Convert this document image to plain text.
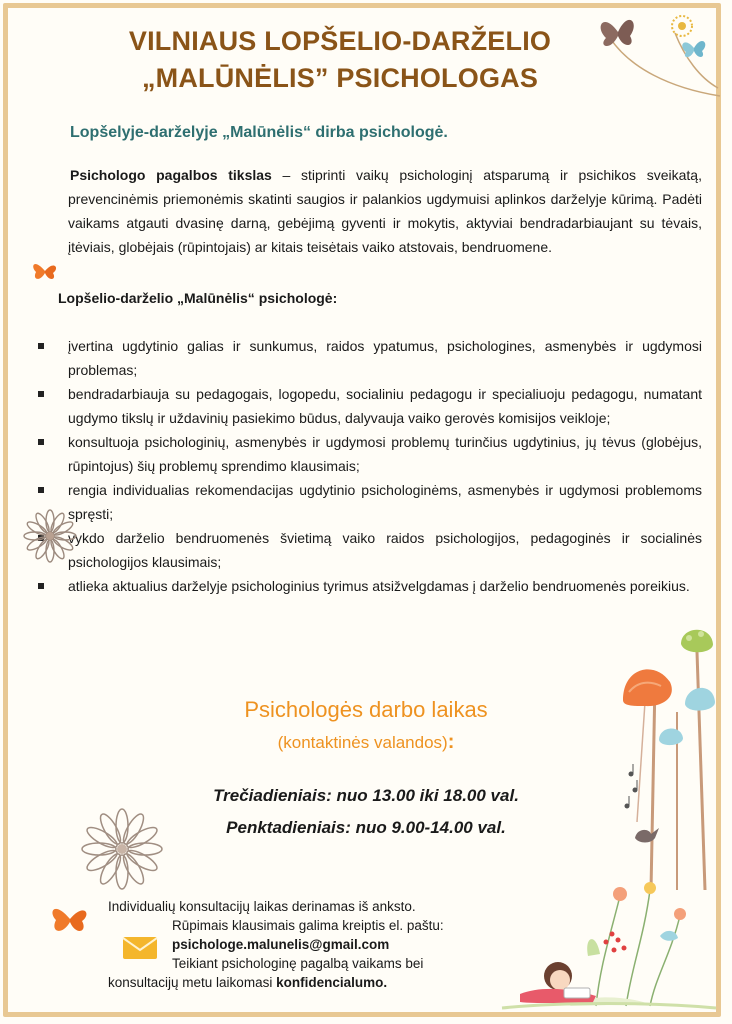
VILNIAUS LOPŠELIO-DARŽELIO
„MALŪNĖLIS” PSICHOLOGAS
Lopšelyje-darželyje „Malūnėlis“ dirba psichologė.
Psichologo pagalbos tikslas – stiprinti vaikų psichologinį atsparumą ir psichikos sveikatą, prevencinėmis priemonėmis skatinti saugios ir palankios ugdymuisi aplinkos darželyje kūrimą. Padėti vaikams atgauti dvasinę darną, gebėjimą gyventi ir mokytis, aktyviai bendradarbiaujant su tėvais, įtėviais, globėjais (rūpintojais) ar kitais teisėtais vaiko atstovais, bendruomene.
Lopšelio-darželio „Malūnėlis“ psichologė:
įvertina ugdytinio galias ir sunkumus, raidos ypatumus, psichologines, asmenybės ir ugdymosi problemas;
bendradarbiauja su pedagogais, logopedu, socialiniu pedagogu ir specialiuoju pedagogu, numatant ugdymo tikslų ir uždavinių pasiekimo būdus, dalyvauja vaiko gerovės komisijos veikloje;
konsultuoja psichologinių, asmenybės ir ugdymosi problemų turinčius ugdytinius, jų tėvus (globėjus, rūpintojus) šių problemų sprendimo klausimais;
rengia individualias rekomendacijas ugdytinio psichologinėms, asmenybės ir ugdymosi problemoms spręsti;
vykdo darželio bendruomenės švietimą vaiko raidos psichologijos, pedagoginės ir socialinės psichologijos klausimais;
atlieka aktualius darželyje psichologinius tyrimus atsižvelgdamas į darželio bendruomenės poreikius.
Psichologės darbo laikas
(kontaktinės valandos):
Trečiadieniais: nuo 13.00 iki 18.00 val.
Penktadieniais: nuo 9.00-14.00 val.
Individualių konsultacijų laikas derinamas iš anksto.
Rūpimais klausimais galima kreiptis el. paštu:
psichologe.malunelis@gmail.com
Teikiant psichologinę pagalbą vaikams bei
konsultacijų metu laikomasi konfidencialumo.
